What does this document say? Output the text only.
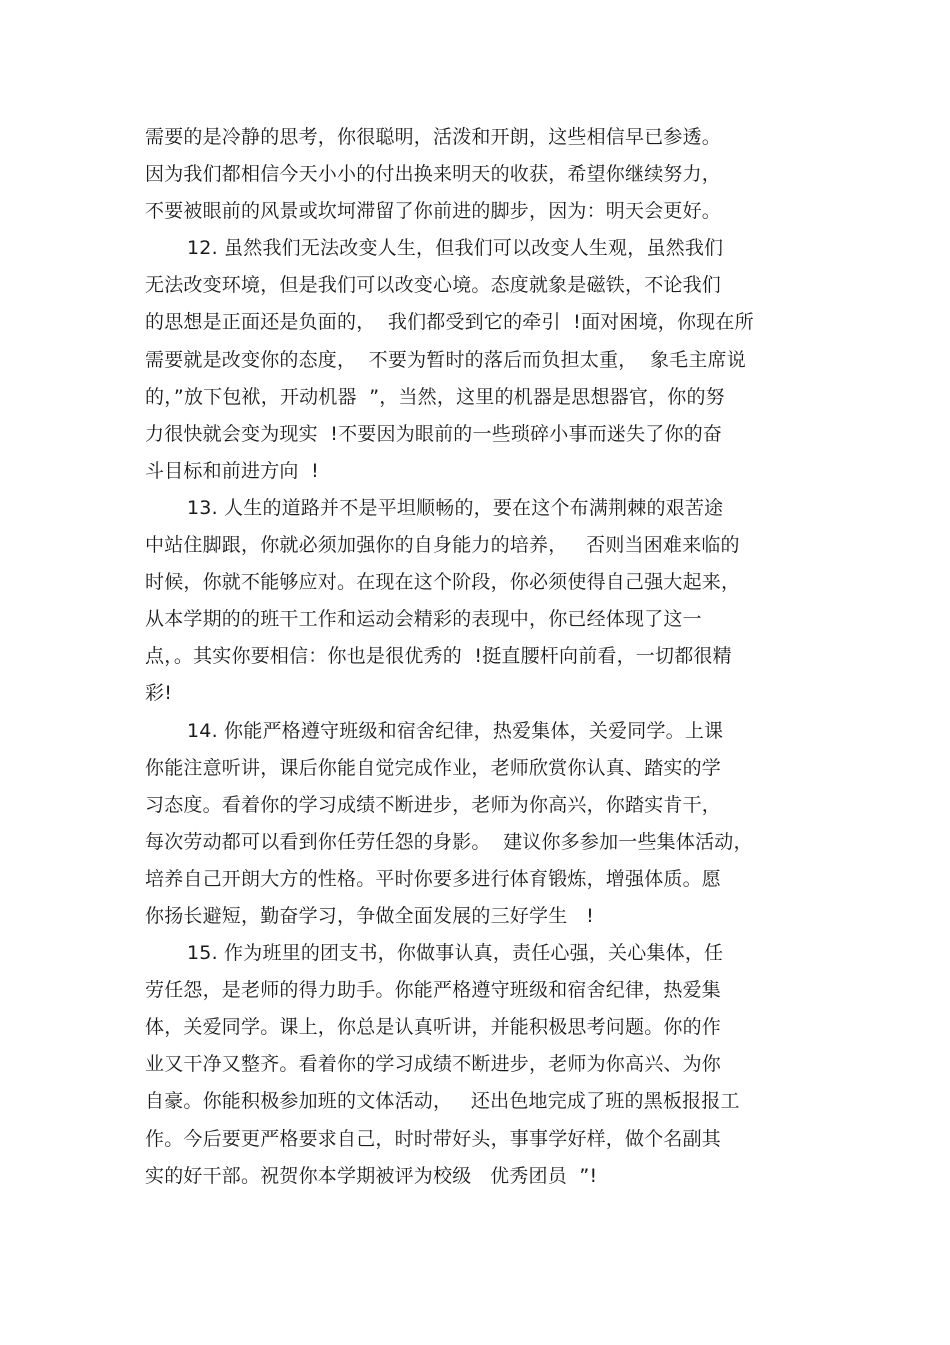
需要的是冷静的思考，你很聪明，活泼和开朗，这些相信早已参透。
因为我们都相信今天小小的付出换来明天的收获，希望你继续努力，
不要被眼前的风景或坎坷滞留了你前进的脚步，因为：明天会更好。
12. 虽然我们无法改变人生，但我们可以改变人生观，虽然我们
无法改变环境，但是我们可以改变心境。态度就象是磁铁，不论我们
的思想是正面还是负面的，  我们都受到它的牵引  !面对困境，你现在所
需要就是改变你的态度，  不要为暂时的落后而负担太重，  象毛主席说
的，”放下包袱，开动机器  ”，当然，这里的机器是思想器官，你的努
力很快就会变为现实  !不要因为眼前的一些琐碎小事而迷失了你的奋
斗目标和前进方向  !
13. 人生的道路并不是平坦顺畅的，要在这个布满荆棘的艰苦途
中站住脚跟，你就必须加强你的自身能力的培养，   否则当困难来临的
时候，你就不能够应对。在现在这个阶段，你必须使得自己强大起来，
从本学期的的班干工作和运动会精彩的表现中，你已经体现了这一
点，。其实你要相信：你也是很优秀的  !挺直腰杆向前看，一切都很精
彩!
14. 你能严格遵守班级和宿舍纪律，热爱集体，关爱同学。上课
你能注意听讲，课后你能自觉完成作业，老师欣赏你认真、踏实的学
习态度。看着你的学习成绩不断进步，老师为你高兴，你踏实肯干，
每次劳动都可以看到你任劳任怨的身影。  建议你多参加一些集体活动，
培养自己开朗大方的性格。平时你要多进行体育锻炼，增强体质。愿
你扬长避短，勤奋学习，争做全面发展的三好学生   !
15. 作为班里的团支书，你做事认真，责任心强，关心集体，任
劳任怨，是老师的得力助手。你能严格遵守班级和宿舍纪律，热爱集
体，关爱同学。课上，你总是认真听讲，并能积极思考问题。你的作
业又干净又整齐。看着你的学习成绩不断进步，老师为你高兴、为你
自豪。你能积极参加班的文体活动，   还出色地完成了班的黑板报报工
作。今后要更严格要求自己，时时带好头，事事学好样，做个名副其
实的好干部。祝贺你本学期被评为校级   优秀团员  ”!
